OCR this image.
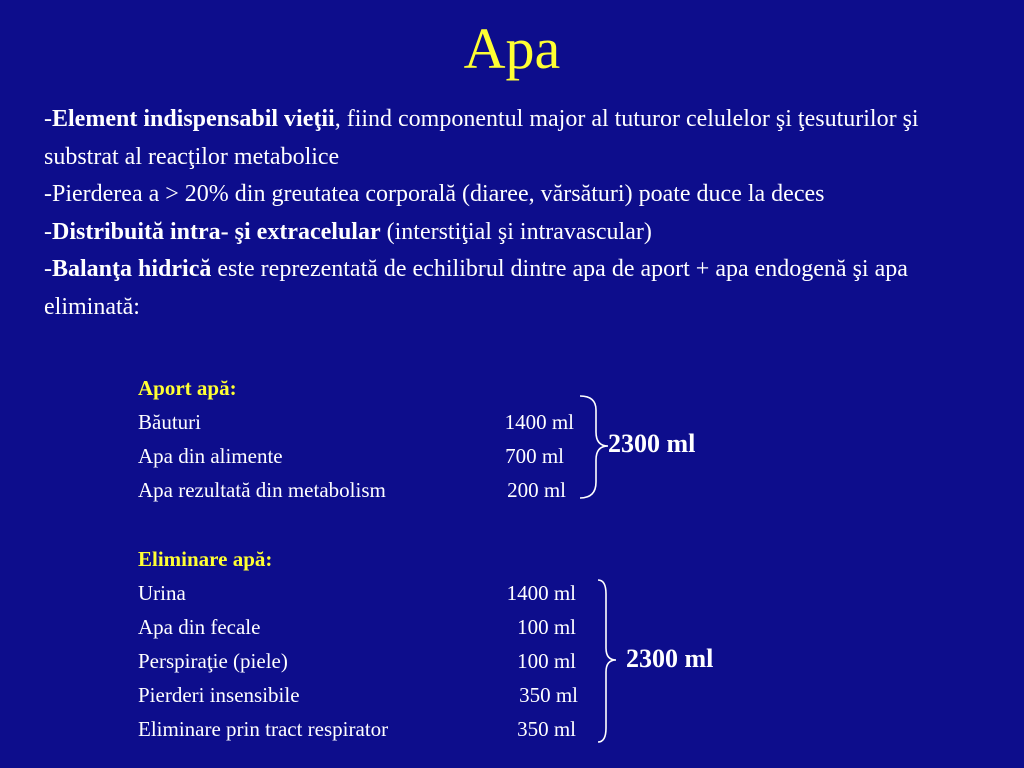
Apa

-Element indispensabil vieţii, fiind componentul major al tuturor celulelor şi ţesuturilor şi substrat al reacţilor metabolice

-Pierderea a > 20% din greutatea corporală (diaree, vărsături) poate duce la deces

-Distribuită intra- şi extracelular (interstiţial şi intravascular)

-Balanţa hidrică este reprezentată de echilibrul dintre apa de aport + apa endogenă şi apa eliminată:

Aport apă:
Băuturi	1400 ml
Apa din alimente	700 ml
Apa rezultată din metabolism	200 ml
2300 ml
Eliminare apă:
Urina	1400 ml
Apa din fecale	100 ml
Perspiraţie (piele)	100 ml
Pierderi insensibile	350 ml
Eliminare prin tract respirator	350 ml
2300 ml
